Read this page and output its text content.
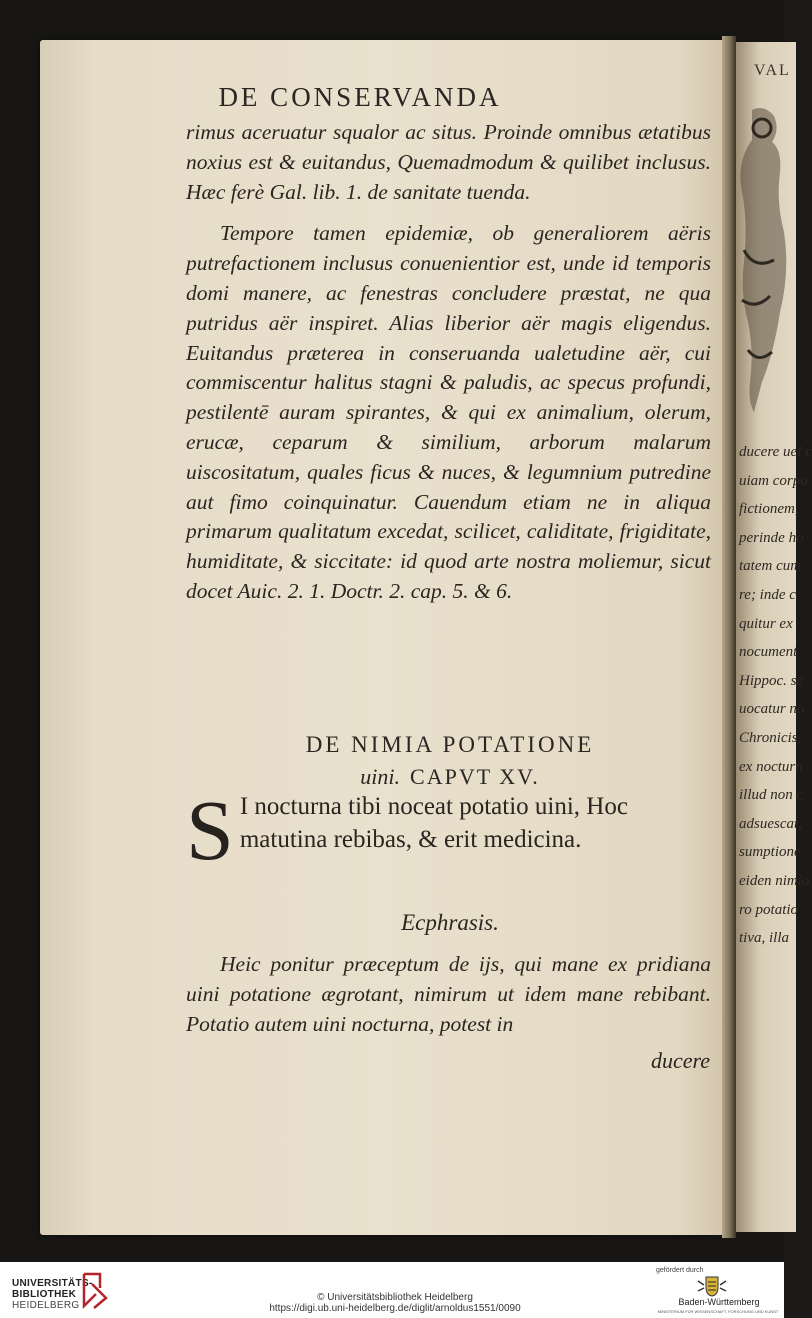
DE CONSERVANDA

rimus aceruatur squalor ac situs. Proinde omnibus ætatibus noxius est & euitandus, Quemadmodum & quilibet inclusus. Hæc ferè Gal. lib. 1. de sanitate tuenda.

Tempore tamen epidemiæ, ob generaliorem aëris putrefactionem inclusus conuenientior est, unde id temporis domi manere, ac fenestras concludere præstat, ne qua putridus aër inspiret. Alias liberior aër magis eligendus. Euitandus præterea in conseruanda ualetudine aër, cui commiscentur halitus stagni & paludis, ac specus profundi, pestilentē auram spirantes, & qui ex animalium, olerum, erucæ, ceparum & similium, arborum malarum uiscositatum, quales ficus & nuces, & legumnium putredine aut fimo coinquinatur. Cauendum etiam ne in aliqua primarum qualitatum excedat, scilicet, caliditate, frigiditate, humiditate, & siccitate: id quod arte nostra moliemur, sicut docet Auic. 2. 1. Doctr. 2. cap. 5. & 6.

DE NIMIA POTATIONE
uini. CAPVT XV.
S I nocturna tibi noceat potatio uini, Hoc matutina rebibas, & erit medicina.
Ecphrasis.

Heic ponitur præceptum de ijs, qui mane ex pridiana uini potatione ægrotant, nimirum ut idem mane rebibant. Potatio autem uini nocturna, potest in

ducere
VAL
ducere uel c
uiam corpo
fictionem,
perinde ho
tatem cum
re; inde c
quitur ex
nocument
Hippoc. se
uocatur no
Chronicis,
ex nocturn
illud non c
adsuescat,
sumptione
eiden nimio
ro potatio
tiva, illa
UNIVERSITÄTS-
BIBLIOTHEK
HEIDELBERG
© Universitätsbibliothek Heidelberg
https://digi.ub.uni-heidelberg.de/diglit/arnoldus1551/0090
gefördert durch
Baden-Württemberg
MINISTERIUM FÜR WISSENSCHAFT, FORSCHUNG UND KUNST
